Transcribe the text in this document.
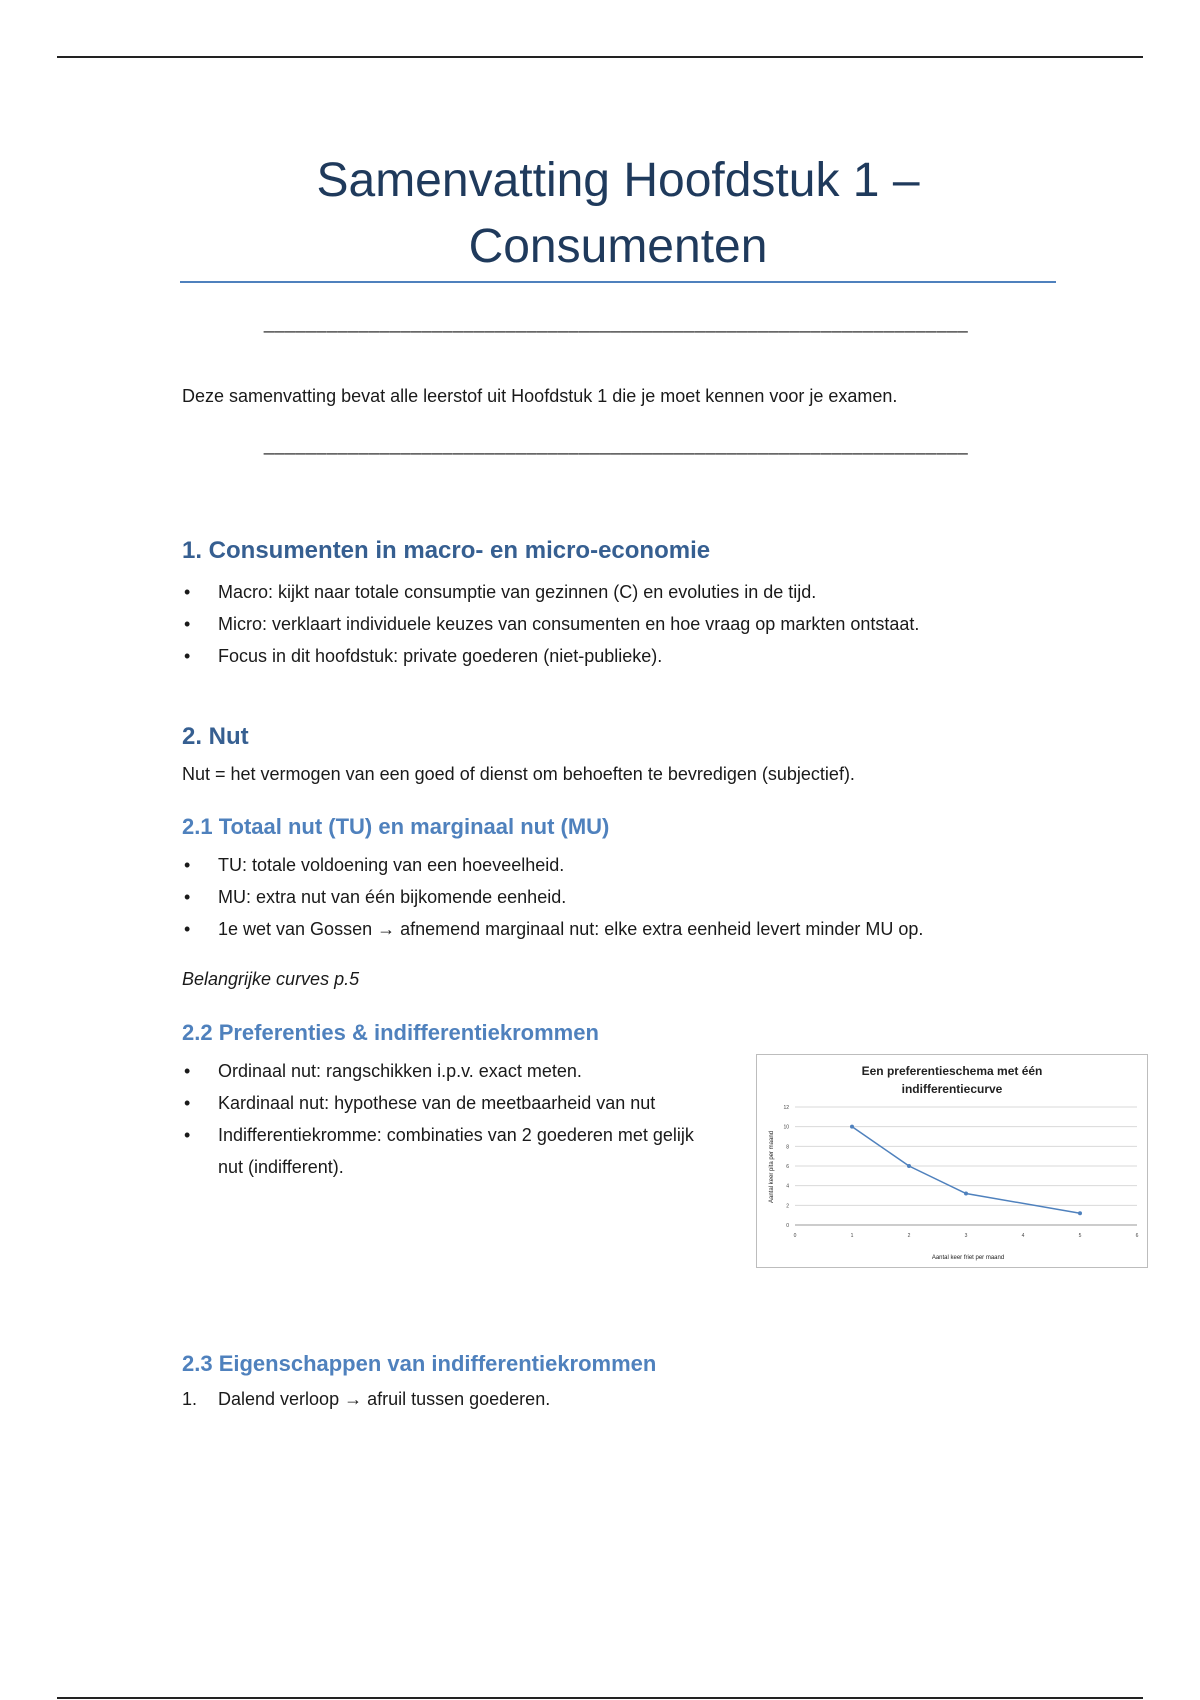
Samenvatting Hoofdstuk 1 – Consumenten

___________________________________________________________________

Deze samenvatting bevat alle leerstof uit Hoofdstuk 1 die je moet kennen voor je examen.

___________________________________________________________________

1. Consumenten in macro- en micro-economie
• Macro: kijkt naar totale consumptie van gezinnen (C) en evoluties in de tijd.
• Micro: verklaart individuele keuzes van consumenten en hoe vraag op markten ontstaat.
• Focus in dit hoofdstuk: private goederen (niet-publieke).
2. Nut

Nut = het vermogen van een goed of dienst om behoeften te bevredigen (subjectief).

2.1 Totaal nut (TU) en marginaal nut (MU)
• TU: totale voldoening van een hoeveelheid.
• MU: extra nut van één bijkomende eenheid.
• 1e wet van Gossen → afnemend marginaal nut: elke extra eenheid levert minder MU op.

Belangrijke curves p.5

2.2 Preferenties & indifferentiekrommen
• Ordinaal nut: rangschikken i.p.v. exact meten.
• Kardinaal nut: hypothese van de meetbaarheid van nut
• Indifferentiekromme: combinaties van 2 goederen met gelijk nut (indifferent).
Een preferentieschema met één
indifferentiecurve
0
2
4
6
8
10
12
0	1	2	3	4	5	6
Aantal keer pita per maand
Aantal keer friet per maand
2.3 Eigenschappen van indifferentiekrommen
1. Dalend verloop → afruil tussen goederen.
